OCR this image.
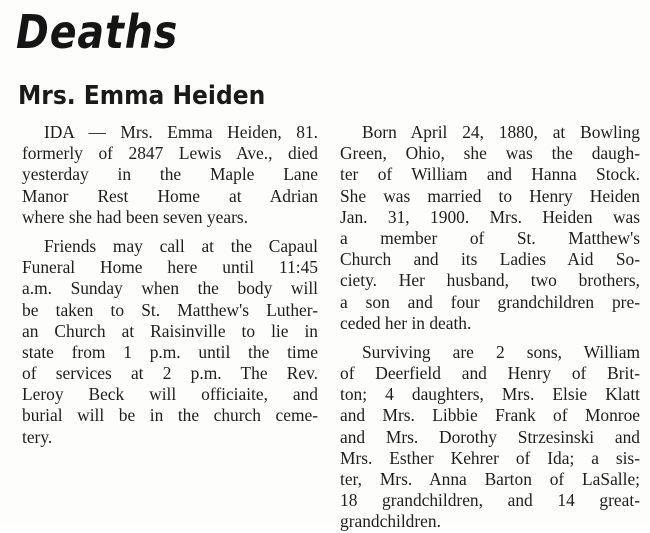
Deaths
Mrs. Emma Heiden
IDA — Mrs. Emma Heiden, 81.
formerly of 2847 Lewis Ave., died
yesterday in the Maple Lane
Manor Rest Home at Adrian
where she had been seven years.
Friends may call at the Capaul
Funeral Home here until 11:45
a.m. Sunday when the body will
be taken to St. Matthew's Luther-
an Church at Raisinville to lie in
state from 1 p.m. until the time
of services at 2 p.m. The Rev.
Leroy Beck will officiaite, and
burial will be in the church ceme-
tery.
Born April 24, 1880, at Bowling
Green, Ohio, she was the daugh-
ter of William and Hanna Stock.
She was married to Henry Heiden
Jan. 31, 1900. Mrs. Heiden was
a member of St. Matthew's
Church and its Ladies Aid So-
ciety. Her husband, two brothers,
a son and four grandchildren pre-
ceded her in death.
Surviving are 2 sons, William
of Deerfield and Henry of Brit-
ton; 4 daughters, Mrs. Elsie Klatt
and Mrs. Libbie Frank of Monroe
and Mrs. Dorothy Strzesinski and
Mrs. Esther Kehrer of Ida; a sis-
ter, Mrs. Anna Barton of LaSalle;
18 grandchildren, and 14 great-
grandchildren.
